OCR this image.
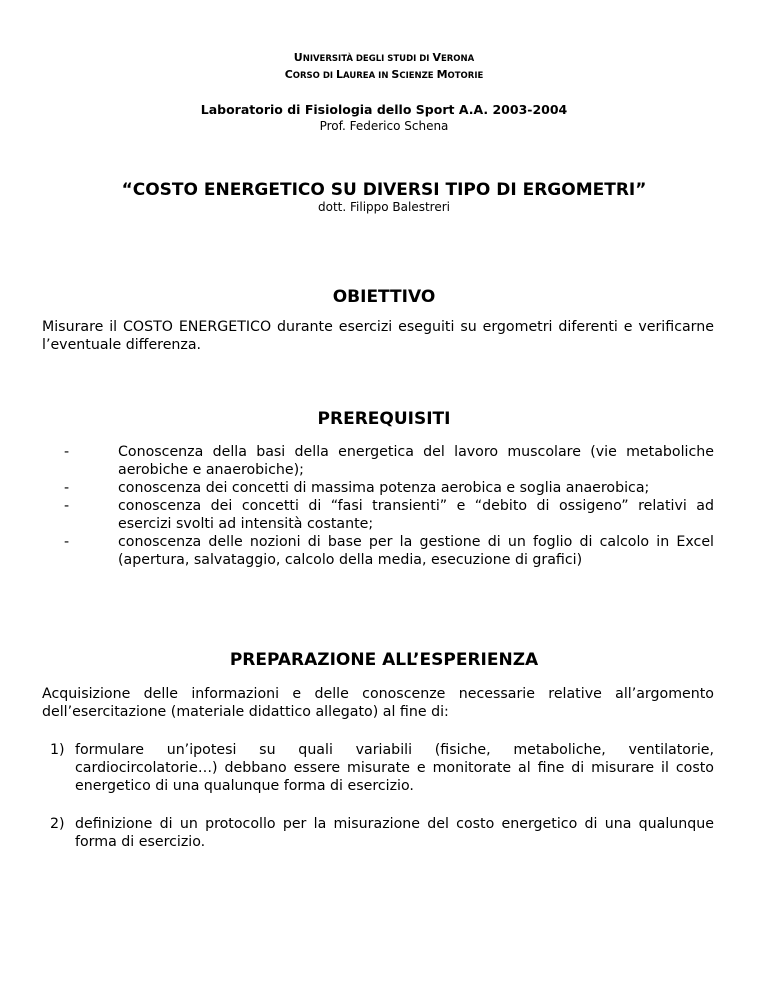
UNIVERSITÀ DEGLI STUDI DI VERONA
CORSO DI LAUREA IN SCIENZE MOTORIE
Laboratorio di Fisiologia dello Sport A.A. 2003-2004
Prof. Federico Schena
“COSTO ENERGETICO SU DIVERSI TIPO DI ERGOMETRI”
dott. Filippo Balestreri
OBIETTIVO
Misurare il COSTO ENERGETICO durante esercizi eseguiti su ergometri diferenti e verificarne l’eventuale differenza.
PREREQUISITI
-	Conoscenza della basi della energetica del lavoro muscolare (vie metaboliche aerobiche e anaerobiche);
-	conoscenza dei concetti di massima potenza aerobica e soglia anaerobica;
-	conoscenza dei concetti di “fasi transienti” e “debito di ossigeno” relativi ad esercizi svolti ad intensità costante;
-	conoscenza delle nozioni di base per la gestione di un foglio di calcolo in Excel (apertura, salvataggio, calcolo della media, esecuzione di grafici)
PREPARAZIONE ALL’ESPERIENZA
Acquisizione delle informazioni e delle conoscenze necessarie relative all’argomento dell’esercitazione (materiale didattico allegato) al fine di:
1) formulare un’ipotesi su quali variabili (fisiche, metaboliche, ventilatorie, cardiocircolatorie…) debbano essere misurate e monitorate al fine di misurare il costo energetico di una qualunque forma di esercizio.
2) definizione di un protocollo per la misurazione del costo energetico di una qualunque forma di esercizio.
